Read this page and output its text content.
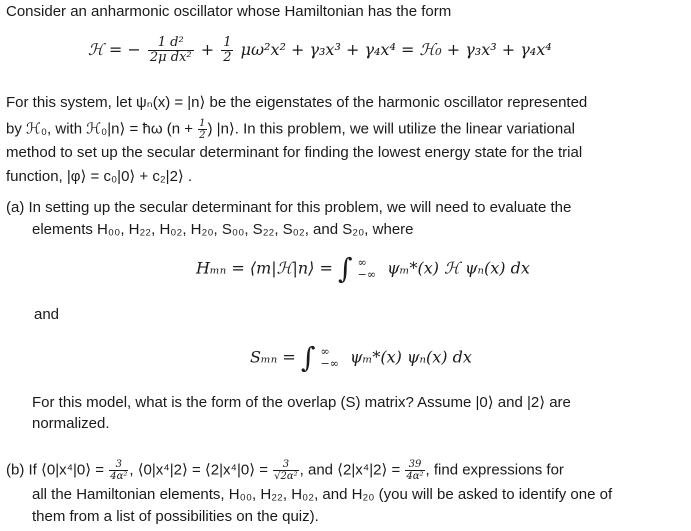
Consider an anharmonic oscillator whose Hamiltonian has the form
ℋ = − $\frac{\text{1 d²}}{\text{2μ dx²}} + \frac{1}{2} \mu\omega^2x^2 + \gamma_3x^3 + \gamma_4x^4$ = ℋ₀ + γ₃x³ + γ₄x⁴
For this system, let ψₙ(x) = |n⟩ be the eigenstates of the harmonic oscillator represented
by ℋ₀, with ℋ₀|n⟩ = ħω ($n + \frac{1}{2}$ ) |n⟩. In this problem, we will utilize the linear variational
method to set up the secular determinant for finding the lowest energy state for the trial
function, |φ⟩ = c₀|0⟩ + c₂|2⟩ .
(a) In setting up the secular determinant for this problem, we will need to evaluate the
elements H₀₀, H₂₂, H₀₂, H₂₀, S₀₀, S₂₂, S₀₂, and S₂₀, where
Hₘₙ = ⟨m|ℋ|n⟩ = ∫ ∞
−∞ ψₘ*(x) ℋ ψₙ(x) dx
and
Sₘₙ = ∫ ∞
−∞ ψₘ*(x) ψₙ(x) dx
For this model, what is the form of the overlap (S) matrix? Assume |0⟩ and |2⟩ are
normalized.
(b) If ⟨0|x⁴|0⟩ = $\frac{3}{\text{4α²}}$ , ⟨0|x⁴|2⟩ = ⟨2|x⁴|0⟩ = $\frac{3}{\text{√2α²}}$ , and ⟨2|x⁴|2⟩ = $\frac{39}{\text{4α²}}$ , find expressions for
all the Hamiltonian elements, H₀₀, H₂₂, H₀₂, and H₂₀ (you will be asked to identify one of
them from a list of possibilities on the quiz).
